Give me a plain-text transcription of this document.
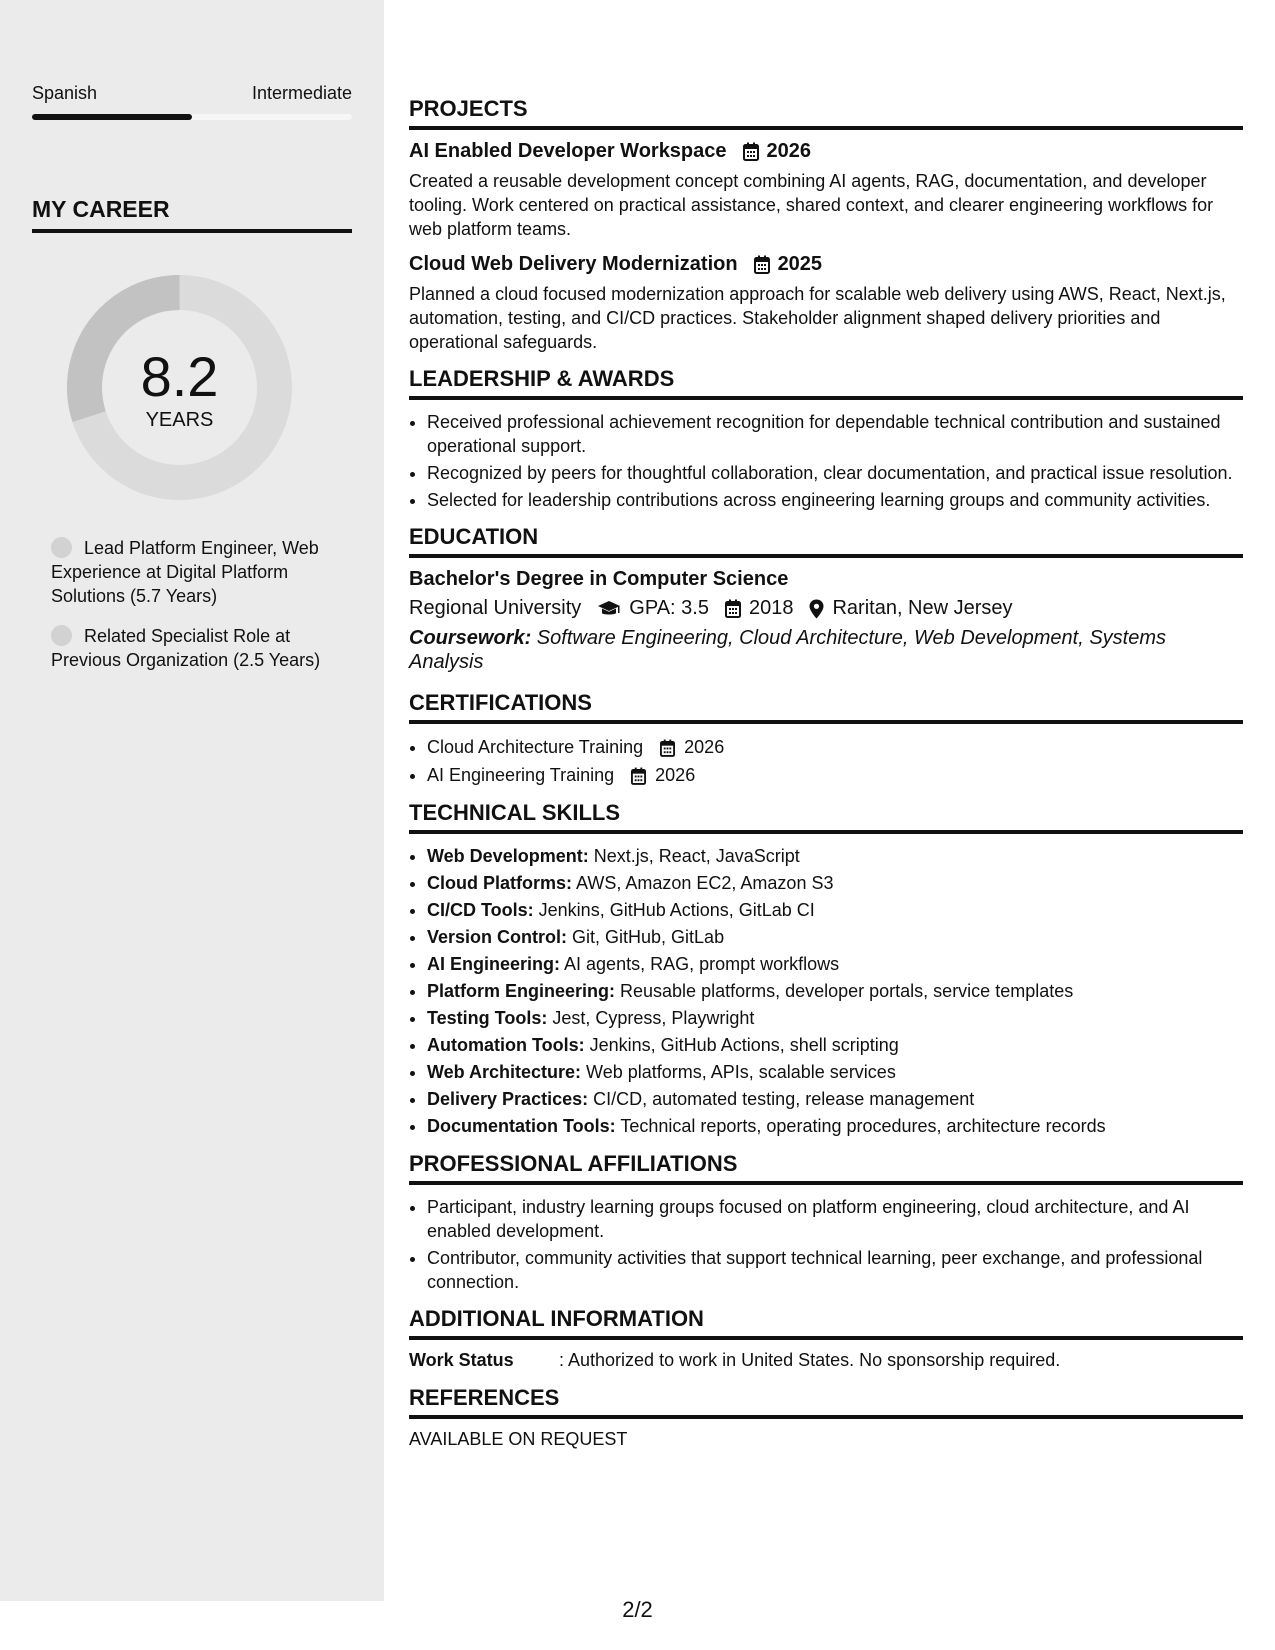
Spanish	Intermediate
MY CAREER
8.2
YEARS
Lead Platform Engineer, Web Experience at Digital Platform Solutions (5.7 Years)
Related Specialist Role at Previous Organization (2.5 Years)
PROJECTS
AI Enabled Developer Workspace 2026

Created a reusable development concept combining AI agents, RAG, documentation, and developer tooling. Work centered on practical assistance, shared context, and clearer engineering workflows for web platform teams.

Cloud Web Delivery Modernization 2025

Planned a cloud focused modernization approach for scalable web delivery using AWS, React, Next.js, automation, testing, and CI/CD practices. Stakeholder alignment shaped delivery priorities and operational safeguards.

LEADERSHIP & AWARDS
• Received professional achievement recognition for dependable technical contribution and sustained operational support.
• Recognized by peers for thoughtful collaboration, clear documentation, and practical issue resolution.
• Selected for leadership contributions across engineering learning groups and community activities.
EDUCATION
Bachelor's Degree in Computer Science
Regional University GPA: 3.5 2018 Raritan, New Jersey

Coursework: Software Engineering, Cloud Architecture, Web Development, Systems Analysis

CERTIFICATIONS
• Cloud Architecture Training 2026
• AI Engineering Training 2026
TECHNICAL SKILLS
• Web Development: Next.js, React, JavaScript
• Cloud Platforms: AWS, Amazon EC2, Amazon S3
• CI/CD Tools: Jenkins, GitHub Actions, GitLab CI
• Version Control: Git, GitHub, GitLab
• AI Engineering: AI agents, RAG, prompt workflows
• Platform Engineering: Reusable platforms, developer portals, service templates
• Testing Tools: Jest, Cypress, Playwright
• Automation Tools: Jenkins, GitHub Actions, shell scripting
• Web Architecture: Web platforms, APIs, scalable services
• Delivery Practices: CI/CD, automated testing, release management
• Documentation Tools: Technical reports, operating procedures, architecture records
PROFESSIONAL AFFILIATIONS
• Participant, industry learning groups focused on platform engineering, cloud architecture, and AI enabled development.
• Contributor, community activities that support technical learning, peer exchange, and professional connection.
ADDITIONAL INFORMATION
Work Status	: Authorized to work in United States. No sponsorship required.
REFERENCES

AVAILABLE ON REQUEST

2/2
